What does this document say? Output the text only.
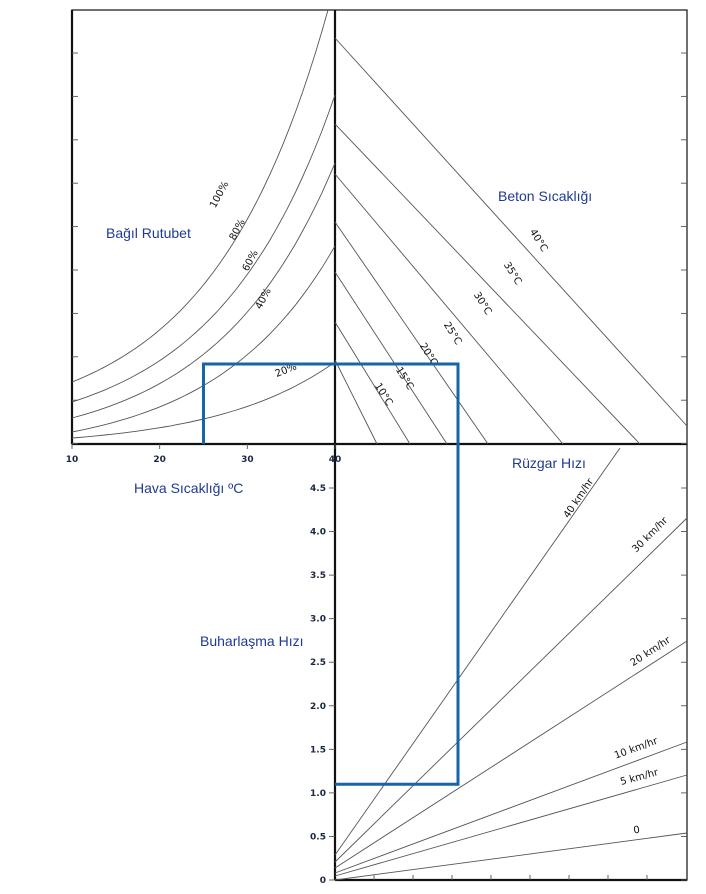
10	20	30	40
0
0.5
1.0
1.5
2.0
2.5
3.0
3.5
4.0
4.5
100%
80%
60%
40%
20%
40°C
35°C
30°C
25°C
20°C
15°C
10°C
40 km/hr
30 km/hr
20 km/hr
10 km/hr
5 km/hr
0
Bağıl Rutubet
Beton Sıcaklığı
Rüzgar Hızı
Hava Sıcaklığı ºC
Buharlaşma Hızı
